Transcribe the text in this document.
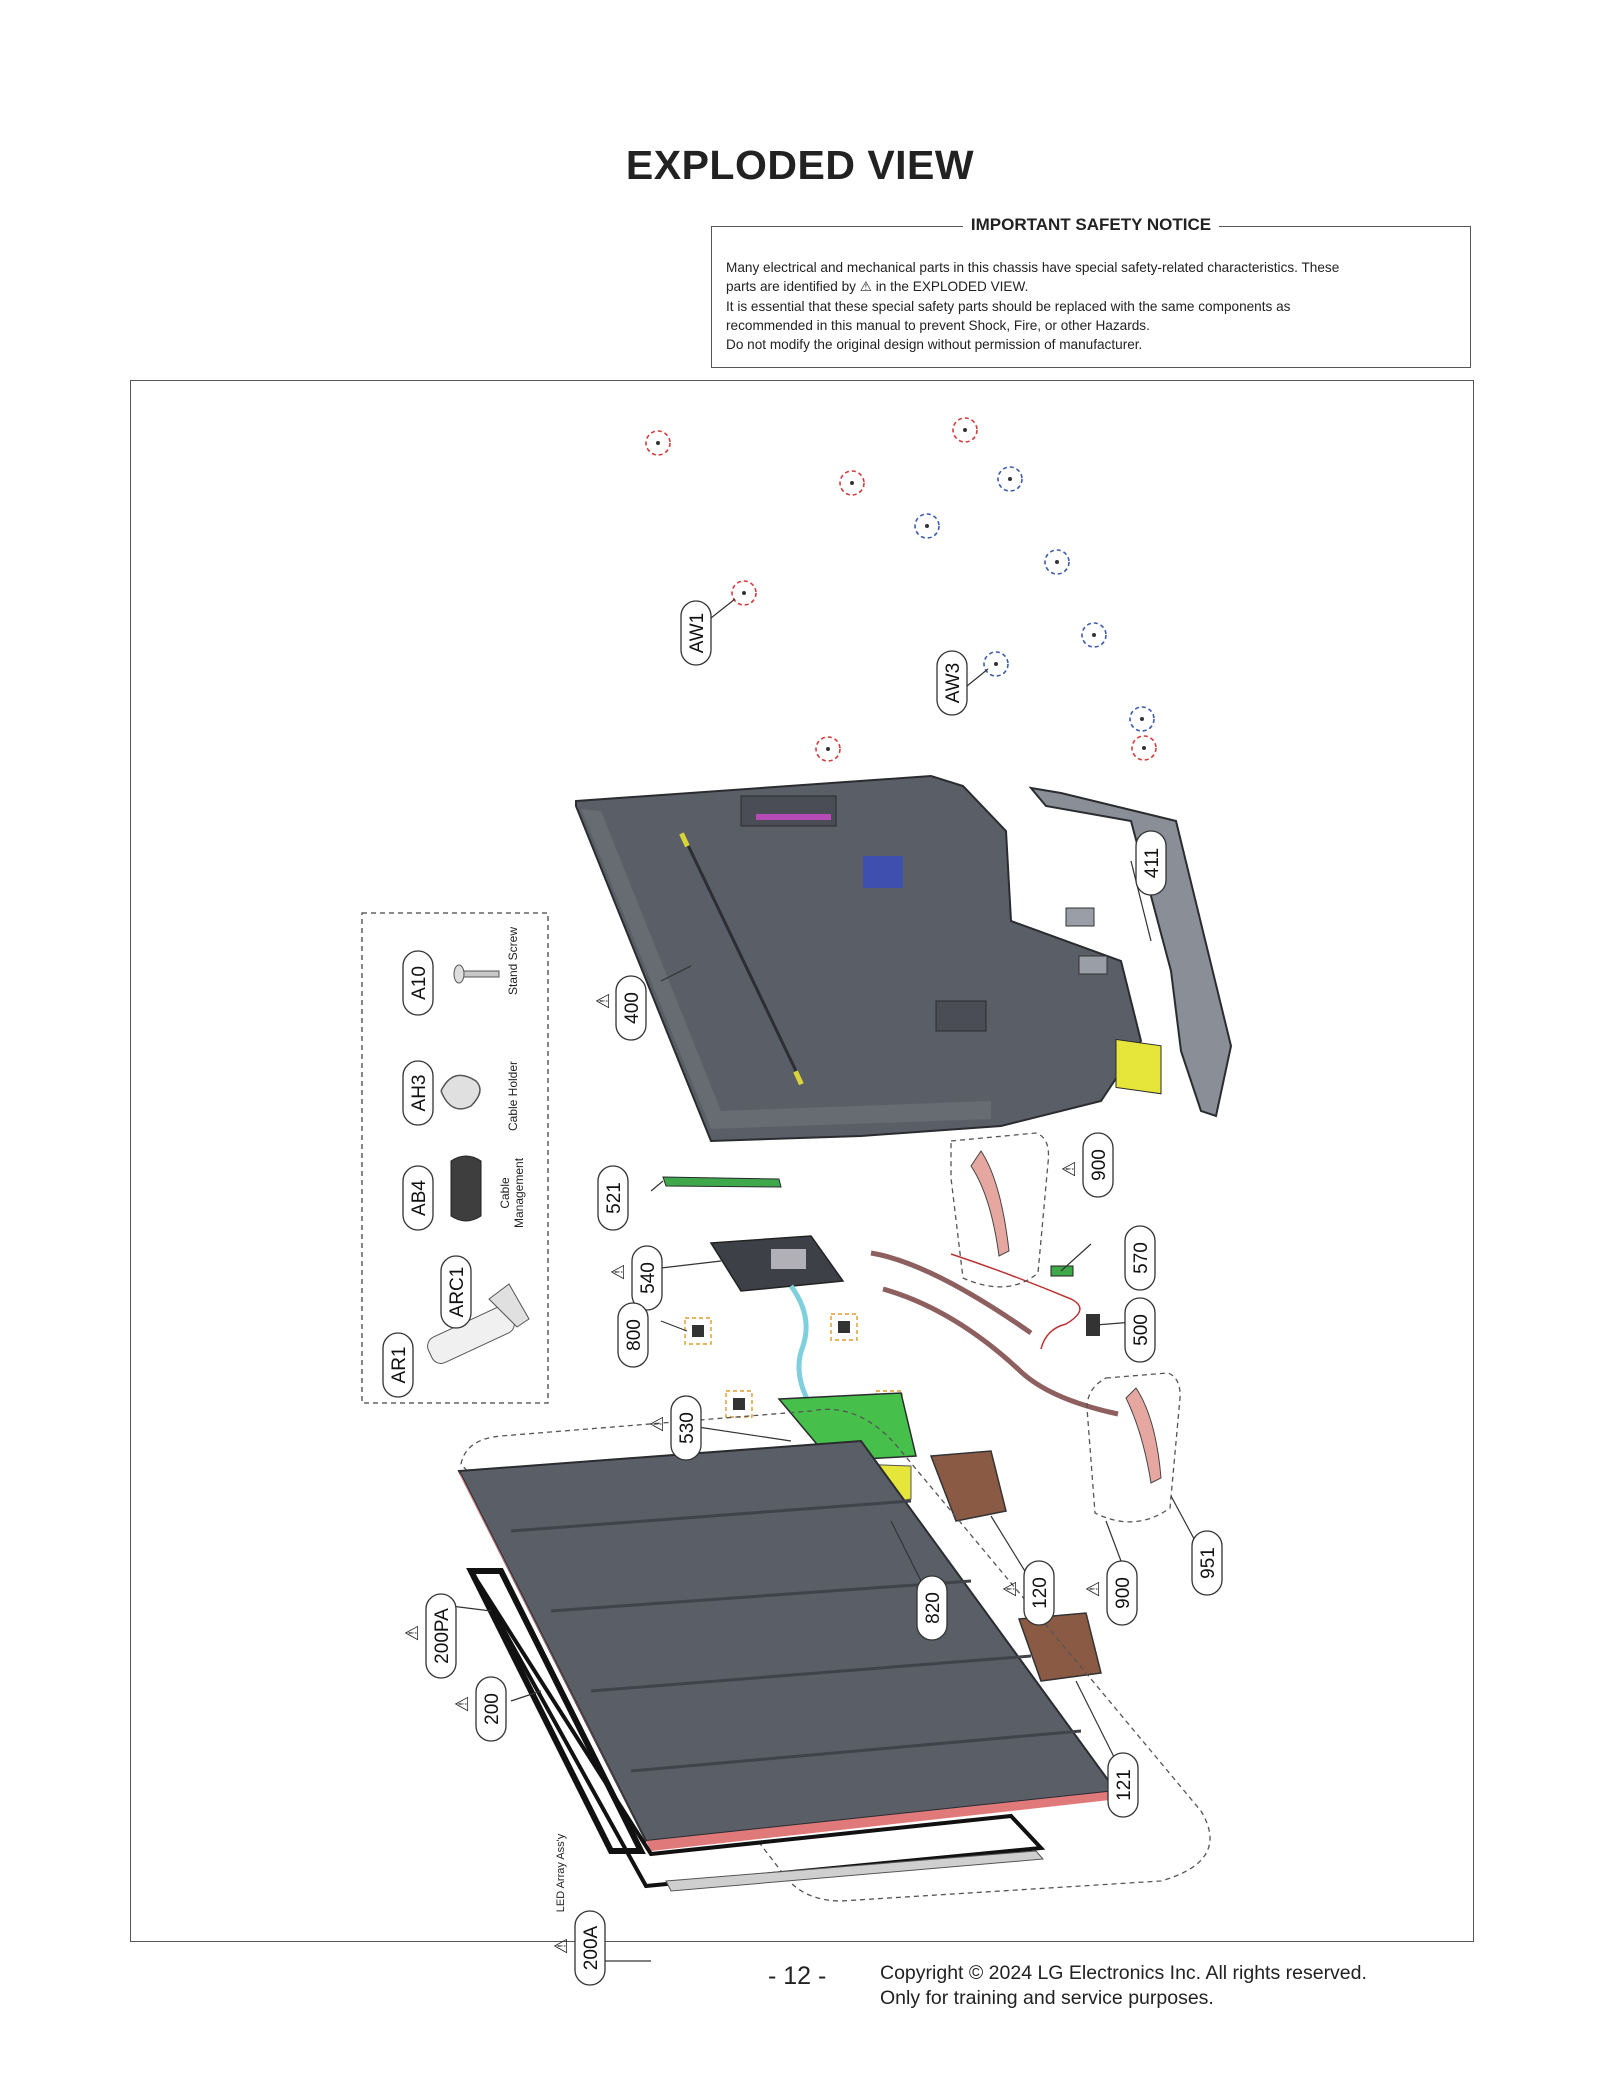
EXPLODED VIEW
IMPORTANT SAFETY NOTICE
Many electrical and mechanical parts in this chassis have special safety-related characteristics. These
parts are identified by ⚠ in the EXPLODED VIEW.
It is essential that these special safety parts should be replaced with the same components as
recommended in this manual to prevent Shock, Fire, or other Hazards.
Do not modify the original design without permission of manufacturer.
AW1
AW3
411
400
A10
AH3
AB4
ARC1
AR1
521
900
570
540
500
800
530
820	120	900
951
200PA
200
121
200A
⚠
⚠
⚠
⚠
⚠	⚠
⚠
⚠
⚠
Stand Screw
Cable Holder
Cable Management
LED Array Ass'y
- 12 -	Copyright © 2024 LG Electronics Inc. All rights reserved.
Only for training and service purposes.
